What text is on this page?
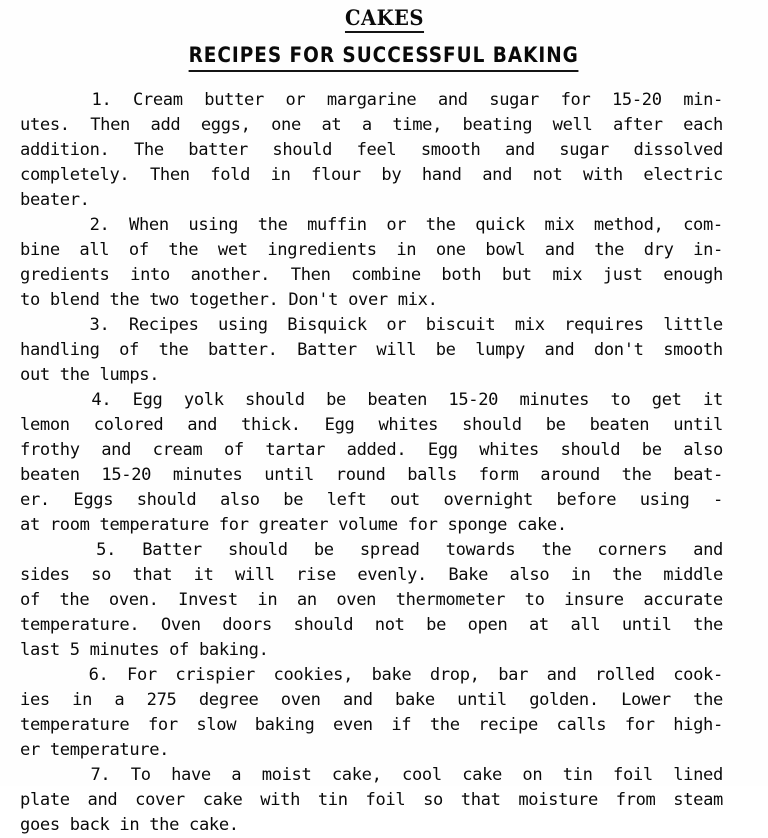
CAKES
RECIPES FOR SUCCESSFUL BAKING

1. Cream butter or margarine and sugar for 15-20 min-
utes. Then add eggs, one at a time, beating well after each
addition. The batter should feel smooth and sugar dissolved
completely. Then fold in flour by hand and not with electric
beater.

2. When using the muffin or the quick mix method, com-
bine all of the wet ingredients in one bowl and the dry in-
gredients into another. Then combine both but mix just enough
to blend the two together. Don't over mix.

3. Recipes using Bisquick or biscuit mix requires little
handling of the batter. Batter will be lumpy and don't smooth
out the lumps.

4. Egg yolk should be beaten 15-20 minutes to get it
lemon colored and thick. Egg whites should be beaten until
frothy and cream of tartar added. Egg whites should be also
beaten 15-20 minutes until round balls form around the beat-
er. Eggs should also be left out overnight before using -
at room temperature for greater volume for sponge cake.

5. Batter should be spread towards the corners and
sides so that it will rise evenly. Bake also in the middle
of the oven. Invest in an oven thermometer to insure accurate
temperature. Oven doors should not be open at all until the
last 5 minutes of baking.

6. For crispier cookies, bake drop, bar and rolled cook-
ies in a 275 degree oven and bake until golden. Lower the
temperature for slow baking even if the recipe calls for high-
er temperature.

7. To have a moist cake, cool cake on tin foil lined
plate and cover cake with tin foil so that moisture from steam
goes back in the cake.
